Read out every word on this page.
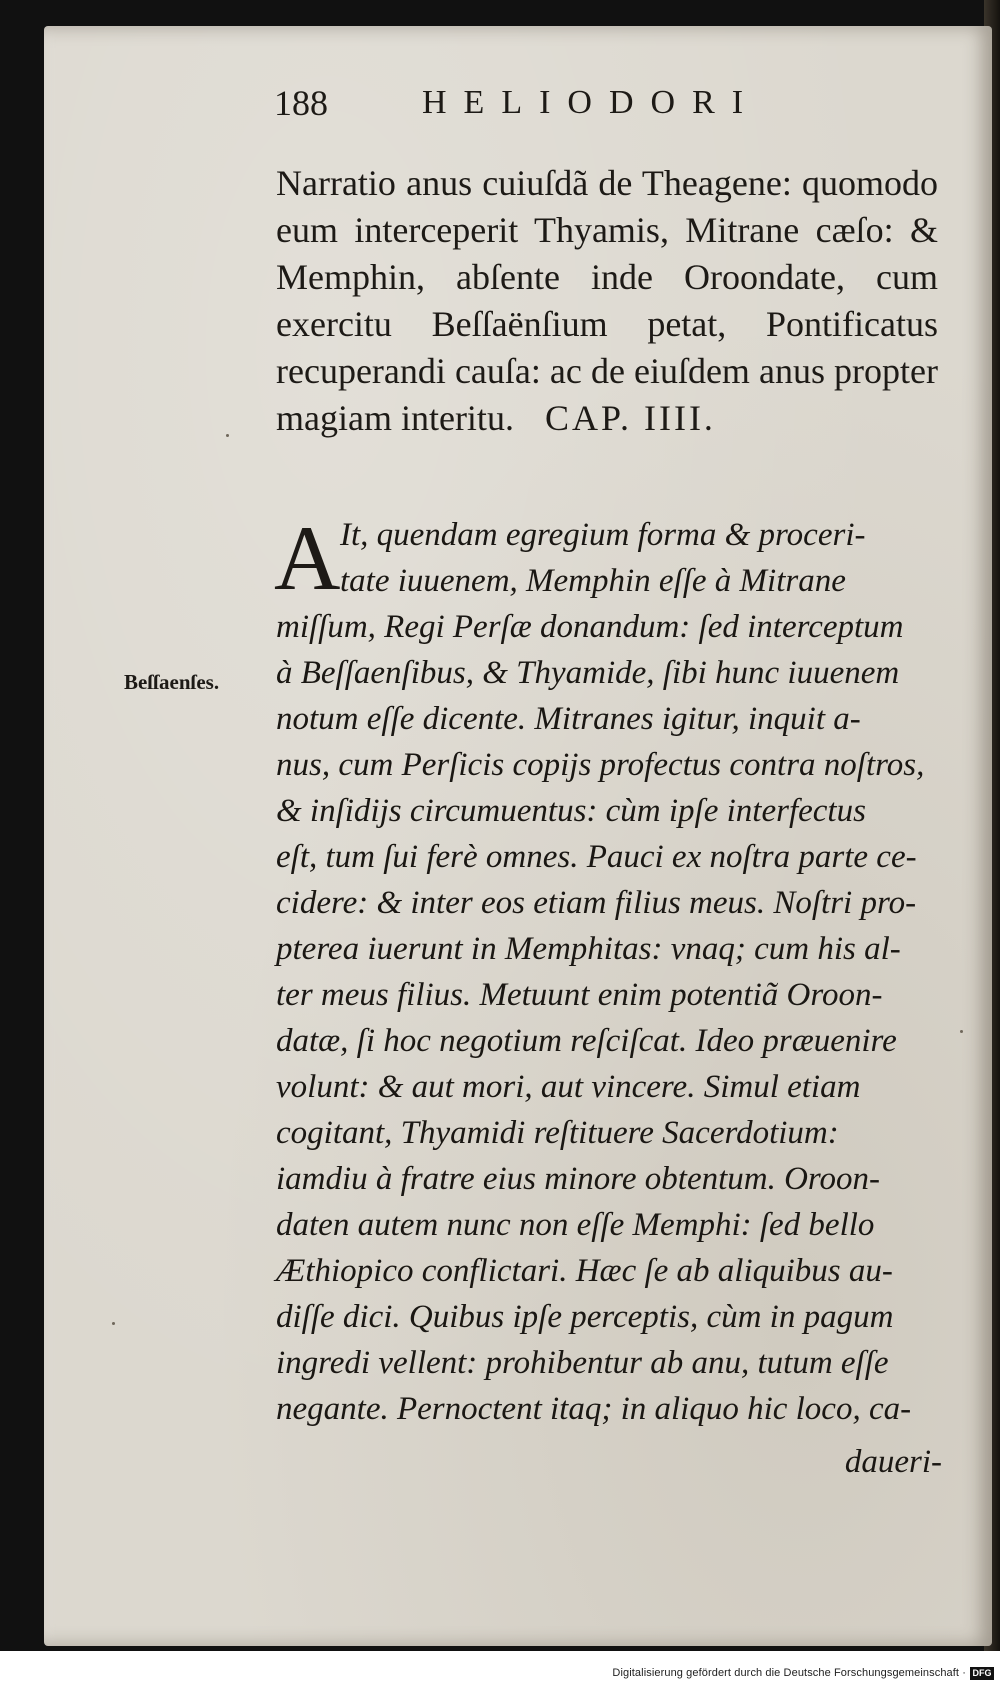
188	HELIODORI
Narratio anus cuiuſdã de Theagene: quomodo eum interceperit Thyamis, Mitrane cæſo: & Memphin, abſente inde Oroondate, cum exercitu Beſſaënſium petat, Pontificatus recuperandi cauſa: ac de eiuſdem anus propter magiam interitu. CAP. IIII.
Beſſaenſes.
A It, quendam egregium forma & proceri-
tate iuuenem, Memphin eſſe à Mitrane
miſſum, Regi Perſæ donandum: ſed interceptum
à Beſſaenſibus, & Thyamide, ſibi hunc iuuenem
notum eſſe dicente. Mitranes igitur, inquit a-
nus, cum Perſicis copijs profectus contra noſtros,
& inſidijs circumuentus: cùm ipſe interfectus
eſt, tum ſui ferè omnes. Pauci ex noſtra parte ce-
cidere: & inter eos etiam filius meus. Noſtri pro-
pterea iuerunt in Memphitas: vnaq; cum his al-
ter meus filius. Metuunt enim potentiã Oroon-
datæ, ſi hoc negotium reſciſcat. Ideo præuenire
volunt: & aut mori, aut vincere. Simul etiam
cogitant, Thyamidi reſtituere Sacerdotium:
iamdiu à fratre eius minore obtentum. Oroon-
daten autem nunc non eſſe Memphi: ſed bello
Æthiopico conflictari. Hæc ſe ab aliquibus au-
diſſe dici. Quibus ipſe perceptis, cùm in pagum
ingredi vellent: prohibentur ab anu, tutum eſſe
negante. Pernoctent itaq; in aliquo hic loco, ca-
daueri-
Digitalisierung gefördert durch die Deutsche Forschungsgemeinschaft · DFG
